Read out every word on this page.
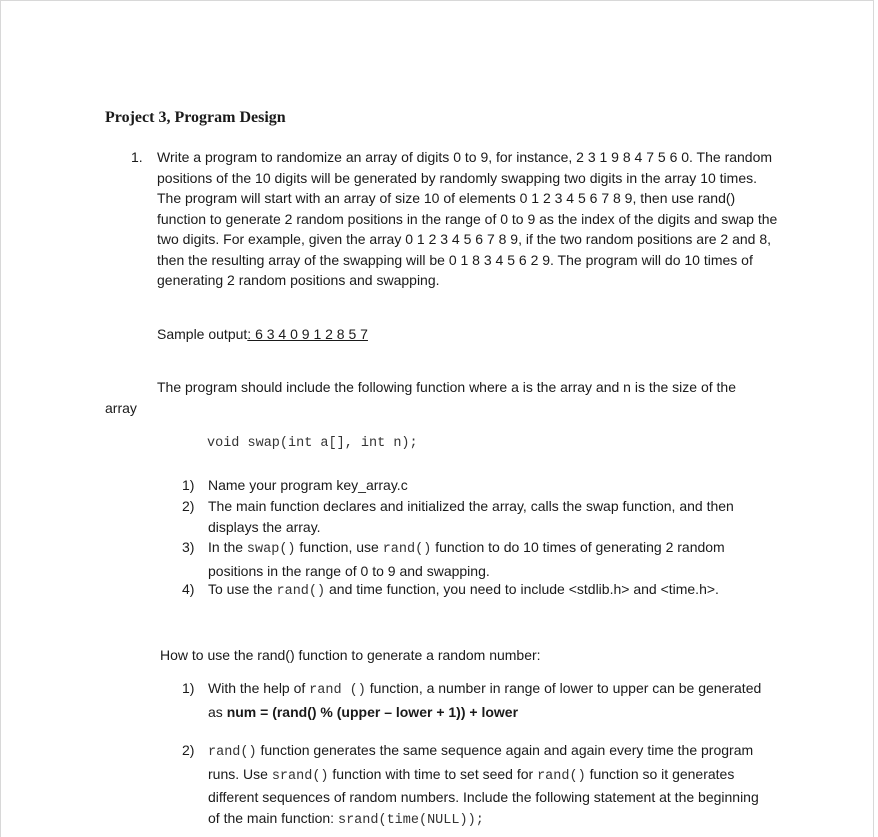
Project 3, Program Design
1. Write a program to randomize an array of digits 0 to 9, for instance, 2 3 1 9 8 4 7 5 6 0. The random positions of the 10 digits will be generated by randomly swapping two digits in the array 10 times.

The program will start with an array of size 10 of elements 0 1 2 3 4 5 6 7 8 9, then use rand() function to generate 2 random positions in the range of 0 to 9 as the index of the digits and swap the two digits. For example, given the array 0 1 2 3 4 5 6 7 8 9, if the two random positions are 2 and 8, then the resulting array of the swapping will be 0 1 8 3 4 5 6 2 9. The program will do 10 times of generating 2 random positions and swapping.

Sample output: 6 3 4 0 9 1 2 8 5 7
The program should include the following function where a is the array and n is the size of the
array
void swap(int a[], int n);
1) Name your program key_array.c
2) The main function declares and initialized the array, calls the swap function, and then displays the array.
3) In the swap() function, use rand() function to do 10 times of generating 2 random positions in the range of 0 to 9 and swapping.
4) To use the rand() and time function, you need to include <stdlib.h> and <time.h>.
How to use the rand() function to generate a random number:
1) With the help of rand () function, a number in range of lower to upper can be generated as num = (rand() % (upper – lower + 1)) + lower
2) rand() function generates the same sequence again and again every time the program runs. Use srand() function with time to set seed for rand() function so it generates different sequences of random numbers. Include the following statement at the beginning of the main function: srand(time(NULL));
